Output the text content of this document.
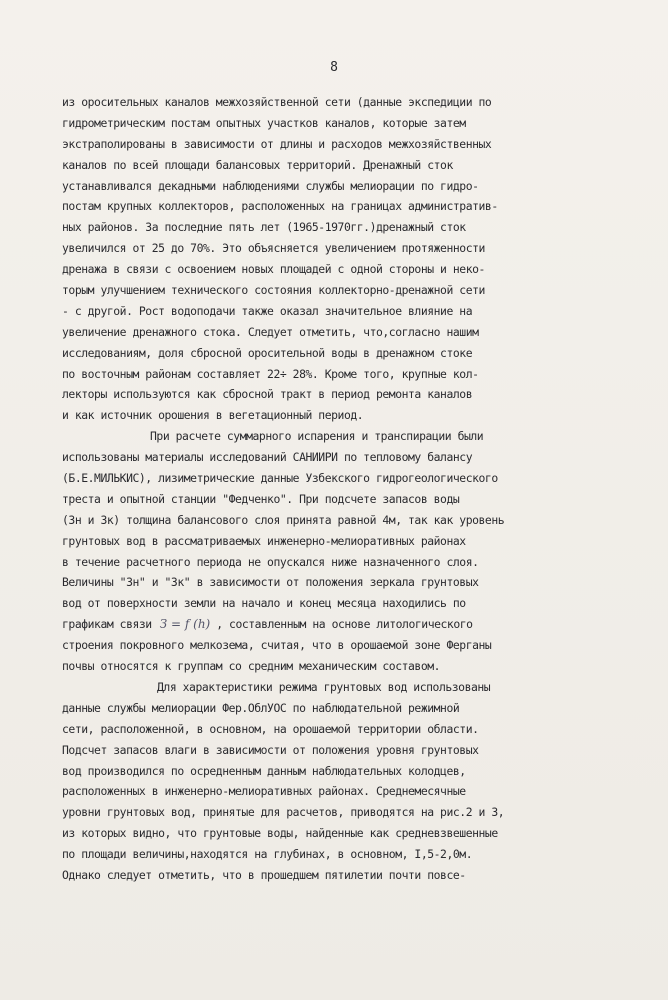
8
из оросительных каналов межхозяйственной сети (данные экспедиции по
гидрометрическим постам опытных участков каналов, которые затем
экстраполированы в зависимости от длины и расходов межхозяйственных
каналов по всей площади балансовых территорий. Дренажный сток
устанавливался декадными наблюдениями службы мелиорации по гидро-
постам крупных коллекторов, расположенных на границах административ-
ных районов. За последние пять лет (1965-1970гг.)дренажный сток
увеличился от 25 до 70%. Это объясняется увеличением протяженности
дренажа в связи с освоением новых площадей с одной стороны и неко-
торым улучшением технического состояния коллекторно-дренажной сети
- с другой. Рост водоподачи также оказал значительное влияние на
увеличение дренажного стока. Следует отметить, что,согласно нашим
исследованиям, доля сбросной оросительной воды в дренажном стоке
по восточным районам составляет 22÷ 28%. Кроме того, крупные кол-
лекторы используются как сбросной тракт в период ремонта каналов
и как источник орошения в вегетационный период.
При расчете суммарного испарения и транспирации были
использованы материалы исследований САНИИРИ по тепловому балансу
(Б.Е.МИЛЬКИС), лизиметрические данные Узбекского гидрогеологического
треста и опытной станции "Федченко". При подсчете запасов воды
(Зн и Зк) толщина балансового слоя принята равной 4м, так как уровень
грунтовых вод в рассматриваемых инженерно-мелиоративных районах
в течение расчетного периода не опускался ниже назначенного слоя.
Величины "Зн" и "Зк" в зависимости от положения зеркала грунтовых
вод от поверхности земли на начало и конец месяца находились по
графикам связи З = f (h) , составленным на основе литологического
строения покровного мелкозема, считая, что в орошаемой зоне Ферганы
почвы относятся к группам со средним механическим составом.
Для характеристики режима грунтовых вод использованы
данные службы мелиорации Фер.ОблУОС по наблюдательной режимной
сети, расположенной, в основном, на орошаемой территории области.
Подсчет запасов влаги в зависимости от положения уровня грунтовых
вод производился по осредненным данным наблюдательных колодцев,
расположенных в инженерно-мелиоративных районах. Среднемесячные
уровни грунтовых вод, принятые для расчетов, приводятся на рис.2 и 3,
из которых видно, что грунтовые воды, найденные как средневзвешенные
по площади величины,находятся на глубинах, в основном, I,5-2,0м.
Однако следует отметить, что в прошедшем пятилетии почти повсе-
